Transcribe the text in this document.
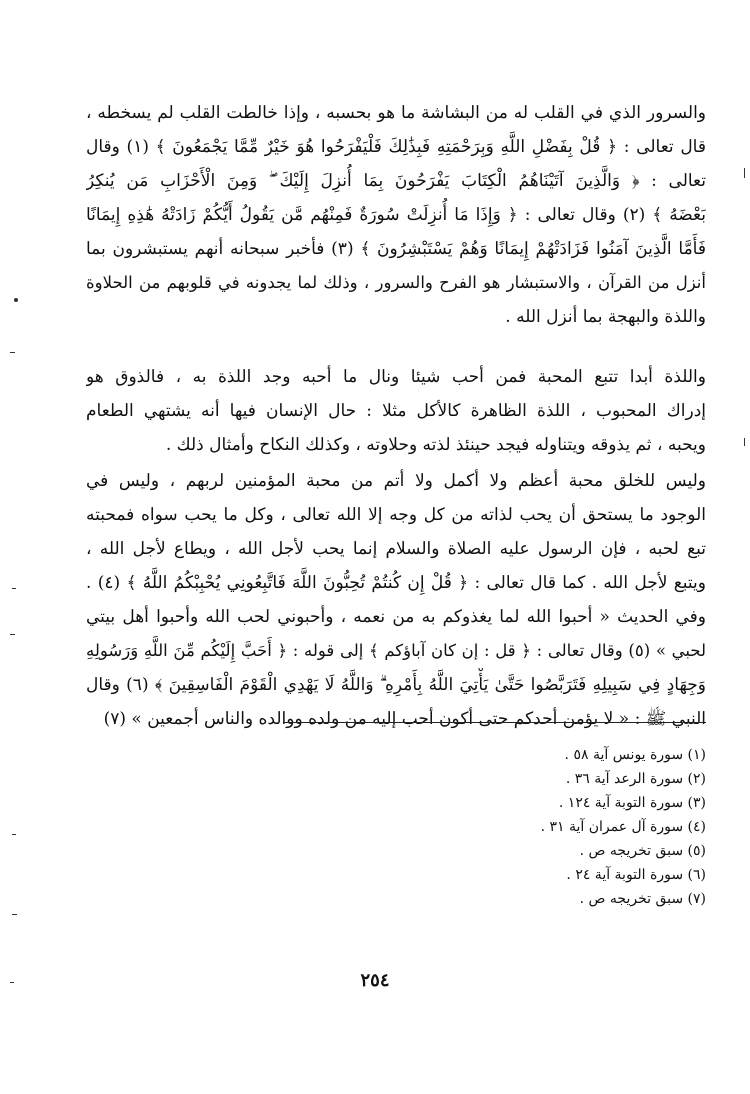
والسرور الذي في القلب له من البشاشة ما هو بحسبه ، وإذا خالطت القلب لم يسخطه ،
قال تعالى : ﴿ قُلْ بِفَضْلِ اللَّهِ وَبِرَحْمَتِهِ فَبِذَٰلِكَ فَلْيَفْرَحُوا هُوَ خَيْرٌ مِّمَّا يَجْمَعُونَ ﴾ (١) وقال
تعالى : ﴿ وَالَّذِينَ آتَيْنَاهُمُ الْكِتَابَ يَفْرَحُونَ بِمَا أُنزِلَ إِلَيْكَ ۖ وَمِنَ الْأَحْزَابِ مَن يُنكِرُ
بَعْضَهُ ﴾ (٢) وقال تعالى : ﴿ وَإِذَا مَا أُنزِلَتْ سُورَةٌ فَمِنْهُم مَّن يَقُولُ أَيُّكُمْ زَادَتْهُ هَٰذِهِ إِيمَانًا
فَأَمَّا الَّذِينَ آمَنُوا فَزَادَتْهُمْ إِيمَانًا وَهُمْ يَسْتَبْشِرُونَ ﴾ (٣) فأخبر سبحانه أنهم يستبشرون بما
أنزل من القرآن ، والاستبشار هو الفرح والسرور ، وذلك لما يجدونه في قلوبهم من الحلاوة
واللذة والبهجة بما أنزل الله .
واللذة أبدا تتبع المحبة فمن أحب شيئا ونال ما أحبه وجد اللذة به ، فالذوق هو
إدراك المحبوب ، اللذة الظاهرة كالأكل مثلا : حال الإنسان فيها أنه يشتهي الطعام
ويحبه ، ثم يذوقه ويتناوله فيجد حينئذ لذته وحلاوته ، وكذلك النكاح وأمثال ذلك .
وليس للخلق محبة أعظم ولا أكمل ولا أتم من محبة المؤمنين لربهم ، وليس في
الوجود ما يستحق أن يحب لذاته من كل وجه إلا الله تعالى ، وكل ما يحب سواه فمحبته
تبع لحبه ، فإن الرسول عليه الصلاة والسلام إنما يحب لأجل الله ، ويطاع لأجل الله ،
ويتبع لأجل الله . كما قال تعالى : ﴿ قُلْ إِن كُنتُمْ تُحِبُّونَ اللَّهَ فَاتَّبِعُونِي يُحْبِبْكُمُ اللَّهُ ﴾ (٤) .
وفي الحديث « أحبوا الله لما يغذوكم به من نعمه ، وأحبوني لحب الله وأحبوا أهل بيتي
لحبي » (٥) وقال تعالى : ﴿ قل : إن كان آباؤكم ﴾ إلى قوله : ﴿ أَحَبَّ إِلَيْكُم مِّنَ اللَّهِ وَرَسُولِهِ
وَجِهَادٍ فِي سَبِيلِهِ فَتَرَبَّصُوا حَتَّىٰ يَأْتِيَ اللَّهُ بِأَمْرِهِ ۗ وَاللَّهُ لَا يَهْدِي الْقَوْمَ الْفَاسِقِينَ ﴾ (٦) وقال
النبي ﷺ : « لا يؤمن أحدكم حتى أكون أحب إليه من ولده ووالده والناس أجمعين » (٧)
(١) سورة يونس آية ٥٨ .
(٢) سورة الرعد آية ٣٦ .
(٣) سورة التوبة آية ١٢٤ .
(٤) سورة آل عمران آية ٣١ .
(٥) سبق تخريجه ص .
(٦) سورة التوبة آية ٢٤ .
(٧) سبق تخريجه ص .
٢٥٤
